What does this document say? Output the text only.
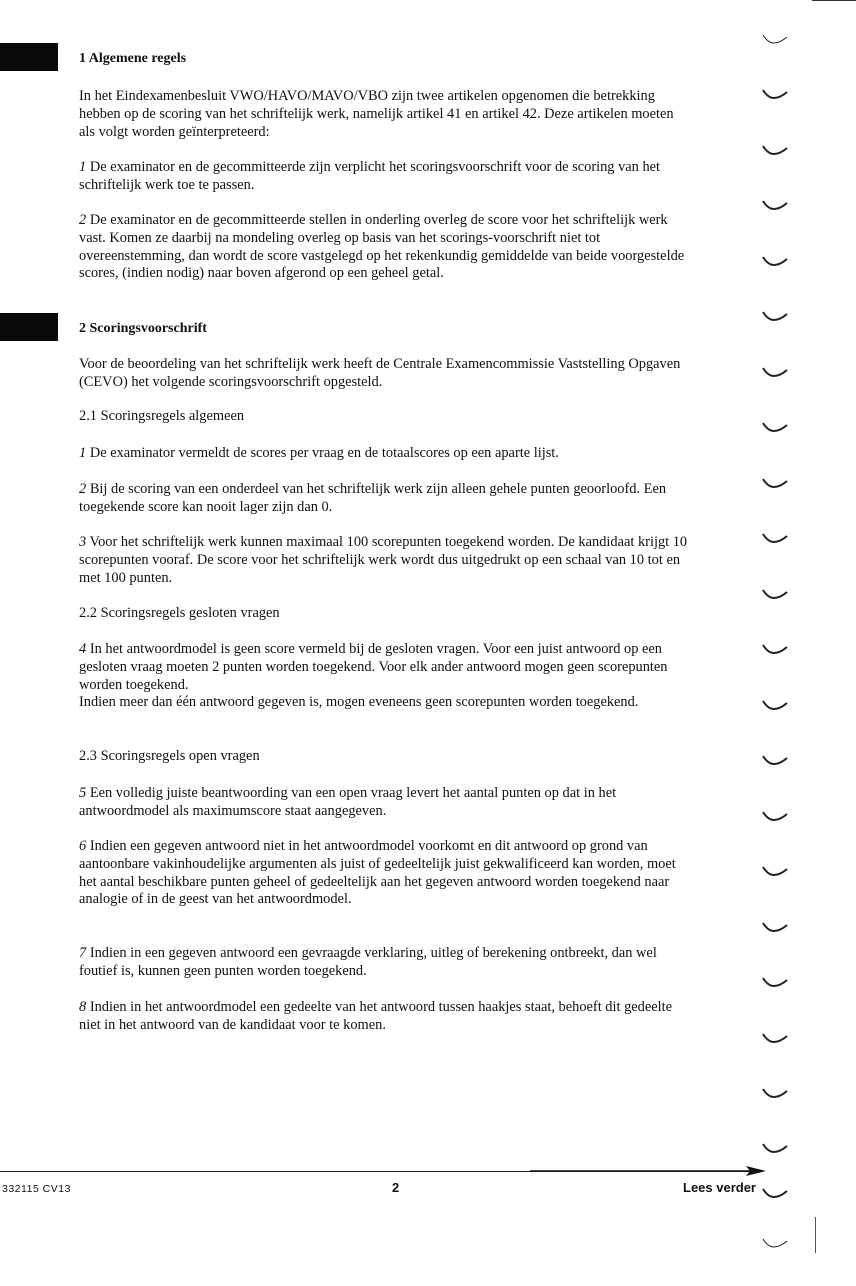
1 Algemene regels

In het Eindexamenbesluit VWO/HAVO/MAVO/VBO zijn twee artikelen opgenomen die betrekking hebben op de scoring van het schriftelijk werk, namelijk artikel 41 en artikel 42. Deze artikelen moeten als volgt worden geïnterpreteerd:

1 De examinator en de gecommitteerde zijn verplicht het scoringsvoorschrift voor de scoring van het schriftelijk werk toe te passen.

2 De examinator en de gecommitteerde stellen in onderling overleg de score voor het schriftelijk werk vast. Komen ze daarbij na mondeling overleg op basis van het scorings-voorschrift niet tot overeenstemming, dan wordt de score vastgelegd op het rekenkundig gemiddelde van beide voorgestelde scores, (indien nodig) naar boven afgerond op een geheel getal.

2 Scoringsvoorschrift

Voor de beoordeling van het schriftelijk werk heeft de Centrale Examencommissie Vaststelling Opgaven (CEVO) het volgende scoringsvoorschrift opgesteld.

2.1 Scoringsregels algemeen

1 De examinator vermeldt de scores per vraag en de totaalscores op een aparte lijst.

2 Bij de scoring van een onderdeel van het schriftelijk werk zijn alleen gehele punten geoorloofd. Een toegekende score kan nooit lager zijn dan 0.

3 Voor het schriftelijk werk kunnen maximaal 100 scorepunten toegekend worden. De kandidaat krijgt 10 scorepunten vooraf. De score voor het schriftelijk werk wordt dus uitgedrukt op een schaal van 10 tot en met 100 punten.

2.2 Scoringsregels gesloten vragen

4 In het antwoordmodel is geen score vermeld bij de gesloten vragen. Voor een juist antwoord op een gesloten vraag moeten 2 punten worden toegekend. Voor elk ander antwoord mogen geen scorepunten worden toegekend.
Indien meer dan één antwoord gegeven is, mogen eveneens geen scorepunten worden toegekend.

2.3 Scoringsregels open vragen

5 Een volledig juiste beantwoording van een open vraag levert het aantal punten op dat in het antwoordmodel als maximumscore staat aangegeven.

6 Indien een gegeven antwoord niet in het antwoordmodel voorkomt en dit antwoord op grond van aantoonbare vakinhoudelijke argumenten als juist of gedeeltelijk juist gekwalificeerd kan worden, moet het aantal beschikbare punten geheel of gedeeltelijk aan het gegeven antwoord worden toegekend naar analogie of in de geest van het antwoordmodel.

7 Indien in een gegeven antwoord een gevraagde verklaring, uitleg of berekening ontbreekt, dan wel foutief is, kunnen geen punten worden toegekend.

8 Indien in het antwoordmodel een gedeelte van het antwoord tussen haakjes staat, behoeft dit gedeelte niet in het antwoord van de kandidaat voor te komen.

332115 CV13	2	Lees verder
